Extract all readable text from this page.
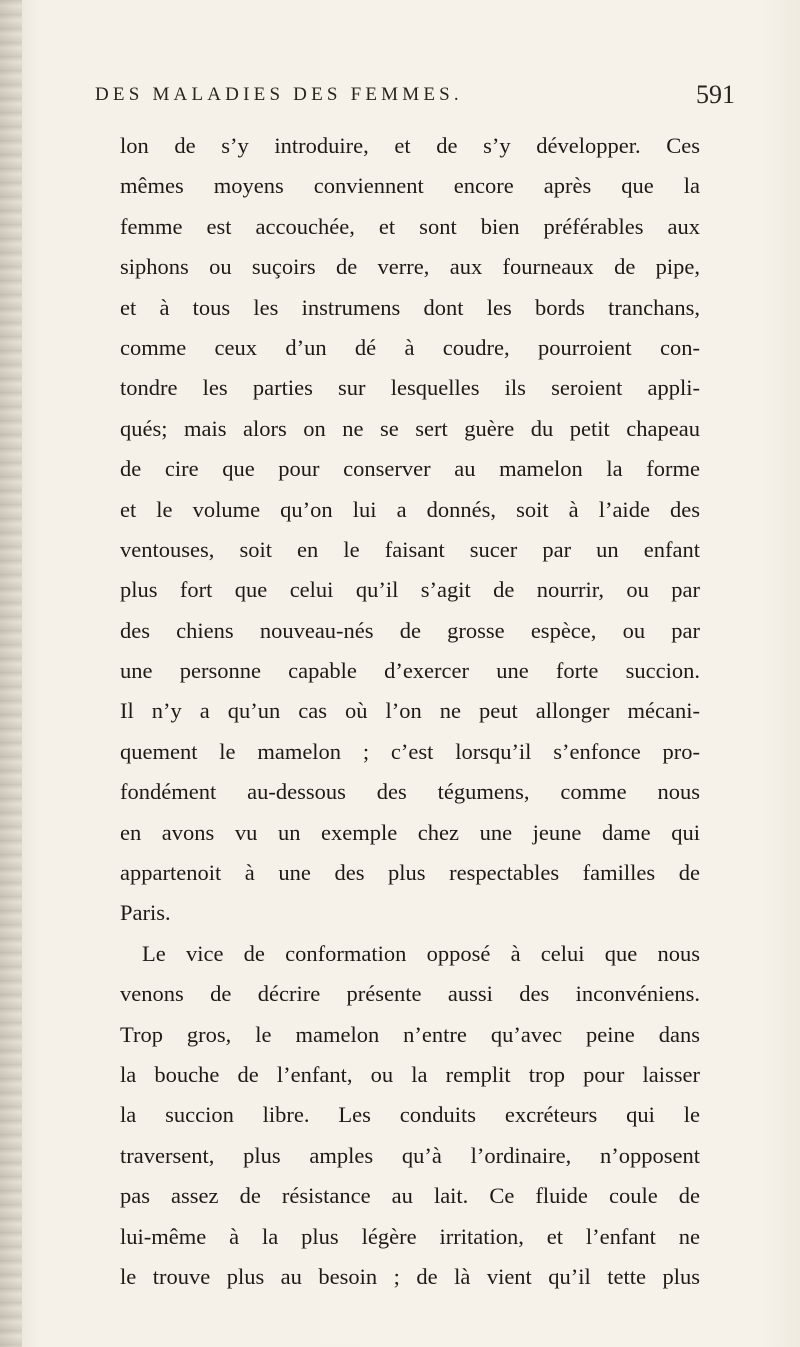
DES MALADIES DES FEMMES.	591
lon de s’y introduire, et de s’y développer. Ces
mêmes moyens conviennent encore après que la
femme est accouchée, et sont bien préférables aux
siphons ou suçoirs de verre, aux fourneaux de pipe,
et à tous les instrumens dont les bords tranchans,
comme ceux d’un dé à coudre, pourroient con-
tondre les parties sur lesquelles ils seroient appli-
qués; mais alors on ne se sert guère du petit chapeau
de cire que pour conserver au mamelon la forme
et le volume qu’on lui a donnés, soit à l’aide des
ventouses, soit en le faisant sucer par un enfant
plus fort que celui qu’il s’agit de nourrir, ou par
des chiens nouveau-nés de grosse espèce, ou par
une personne capable d’exercer une forte succion.
Il n’y a qu’un cas où l’on ne peut allonger mécani-
quement le mamelon ; c’est lorsqu’il s’enfonce pro-
fondément au-dessous des tégumens, comme nous
en avons vu un exemple chez une jeune dame qui
appartenoit à une des plus respectables familles de
Paris.
Le vice de conformation opposé à celui que nous
venons de décrire présente aussi des inconvéniens.
Trop gros, le mamelon n’entre qu’avec peine dans
la bouche de l’enfant, ou la remplit trop pour laisser
la succion libre. Les conduits excréteurs qui le
traversent, plus amples qu’à l’ordinaire, n’opposent
pas assez de résistance au lait. Ce fluide coule de
lui-même à la plus légère irritation, et l’enfant ne
le trouve plus au besoin ; de là vient qu’il tette plus
